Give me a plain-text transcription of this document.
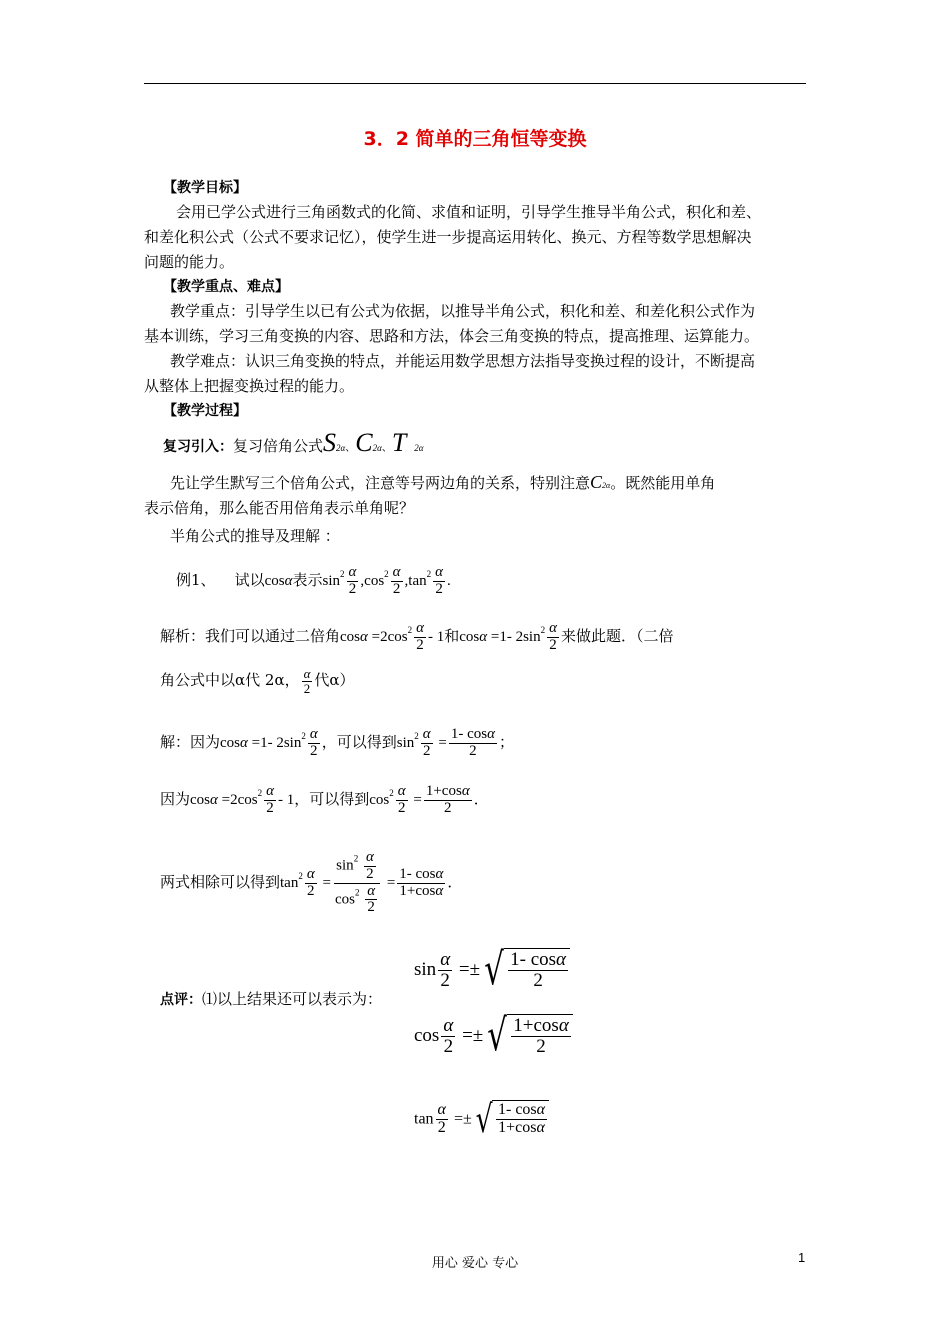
3．2 简单的三角恒等变换
【教学目标】
会用已学公式进行三角函数式的化简、求值和证明，引导学生推导半角公式，积化和差、
和差化积公式（公式不要求记忆），使学生进一步提高运用转化、换元、方程等数学思想解决
问题的能力。
【教学重点、难点】
教学重点：引导学生以已有公式为依据，以推导半角公式，积化和差、和差化积公式作为
基本训练，学习三角变换的内容、思路和方法，体会三角变换的特点，提高推理、运算能力。
教学难点：认识三角变换的特点，并能运用数学思想方法指导变换过程的设计，不断提高
从整体上把握变换过程的能力。
【教学过程】
复习引入：复习倍角公式S2α、C2α、T 2α
先让学生默写三个倍角公式，注意等号两边角的关系，特别注意C2α。既然能用单角
表示倍角，那么能否用倍角表示单角呢？
半角公式的推导及理解 ：
例1、 试以cosα表示$\sin^2 \frac{\alpha}{2} ,\cos^2 \frac{\alpha}{2} ,\tan^2 \frac{\alpha}{2}$ .
解析：我们可以通过二倍角$\cos\alpha =2\cos^2 \frac{\alpha}{2} - 1$和cosα =1- $2\sin^2 \frac{\alpha}{2}$ 来做此题．（二倍
角公式中以α代 2α， $\frac{\alpha}{2}$ 代α）
解：因为cosα =1- $2\sin^2 \frac{\alpha}{2}$ ，可以得到$\sin^2 \frac{\alpha}{2} = \frac{1- \cos\alpha}{2}$ ；
因为$\cos\alpha =2\cos^2 \frac{\alpha}{2} - 1$，可以得到$\cos^2 \frac{\alpha}{2} = \frac{1+\cos\alpha}{2}$ ．
两式相除可以得到$\tan^2 \frac{\alpha}{2} = \frac{\sin^2 \frac{\alpha}{2}}{\cos^2 \frac{\alpha}{2}} = \frac{1- \cos\alpha}{1+\cos\alpha}$ ．
点评：⑴以上结果还可以表示为：
$\sin \frac{\alpha}{2}$ =± √ $\frac{1- \cos\alpha}{2}$
$\cos \frac{\alpha}{2}$ =± √ $\frac{1+\cos\alpha}{2}$
$\tan \frac{\alpha}{2}$ =± √ $\frac{1- \cos\alpha}{1+\cos\alpha}$
用心 爱心 专心	1
